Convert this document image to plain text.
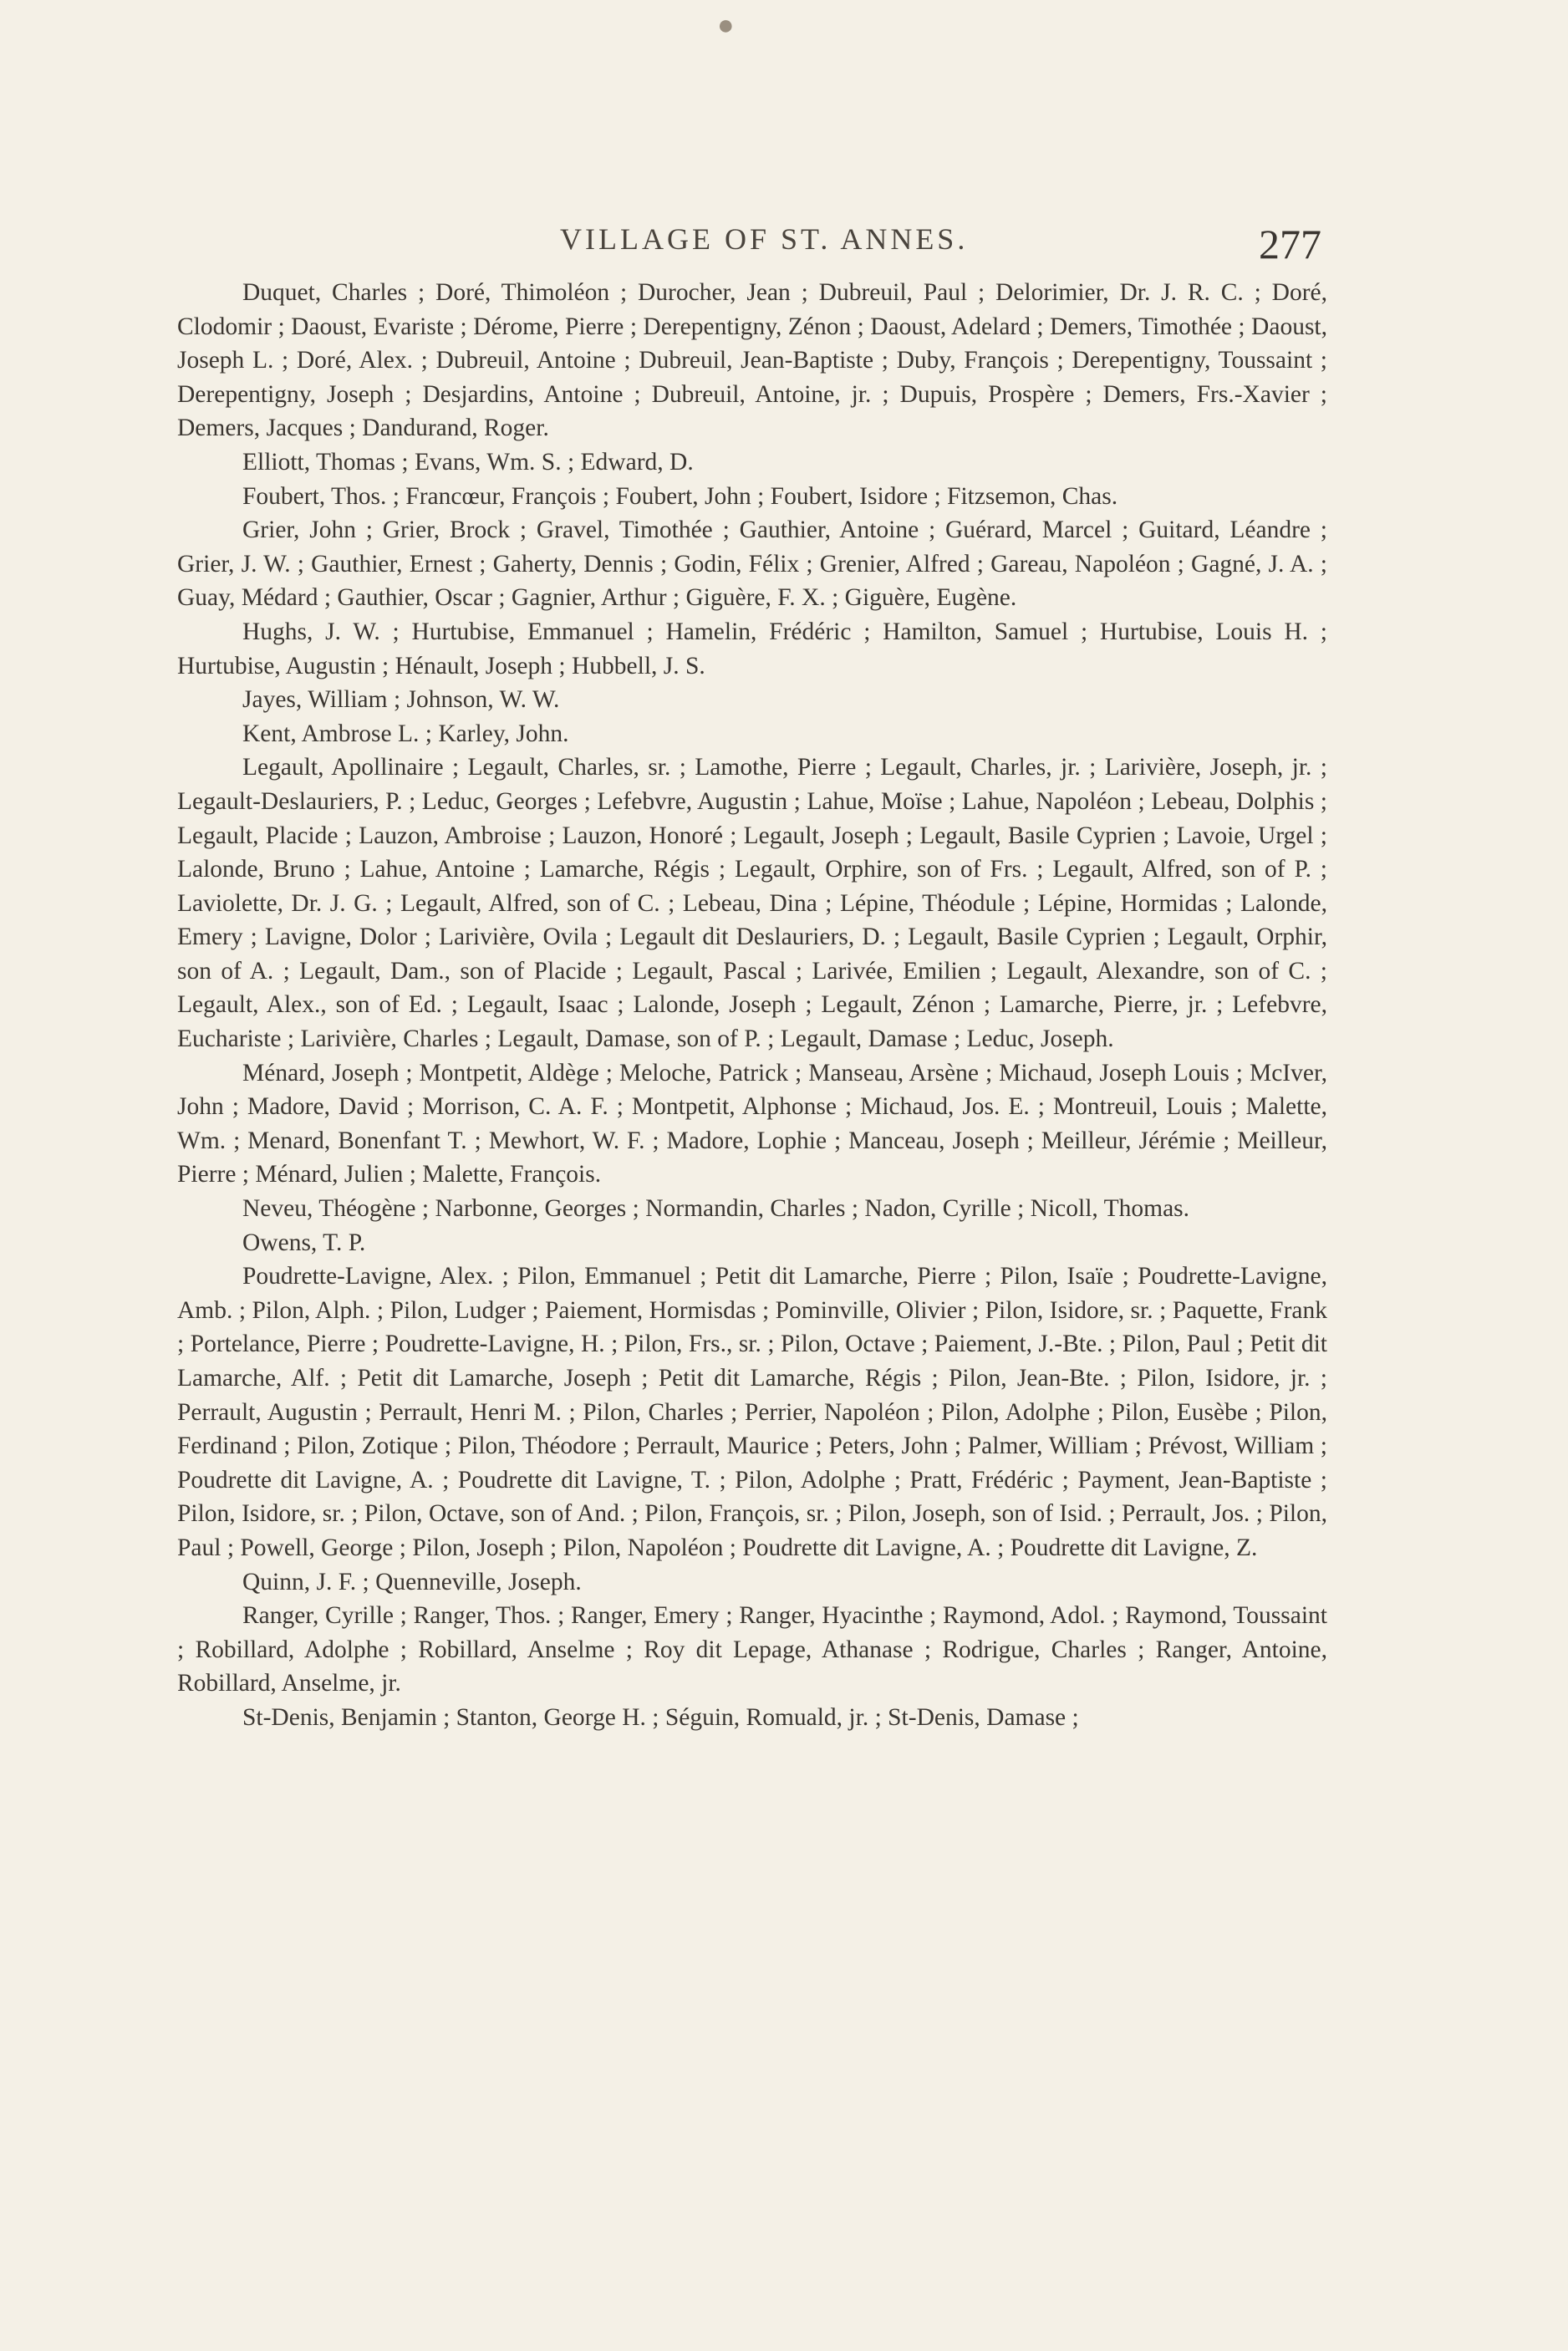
●
VILLAGE OF ST. ANNES.	277

Duquet, Charles ; Doré, Thimoléon ; Durocher, Jean ; Dubreuil, Paul ; Delorimier, Dr. J. R. C. ; Doré, Clodomir ; Daoust, Evariste ; Dérome, Pierre ; Derepentigny, Zénon ; Daoust, Adelard ; Demers, Timothée ; Daoust, Joseph L. ; Doré, Alex. ; Dubreuil, Antoine ; Dubreuil, Jean-Baptiste ; Duby, François ; Derepentigny, Toussaint ; Derepentigny, Joseph ; Desjardins, Antoine ; Dubreuil, Antoine, jr. ; Dupuis, Prospère ; Demers, Frs.-Xavier ; Demers, Jacques ; Dandurand, Roger.

Elliott, Thomas ; Evans, Wm. S. ; Edward, D.

Foubert, Thos. ; Francœur, François ; Foubert, John ; Foubert, Isidore ; Fitzsemon, Chas.

Grier, John ; Grier, Brock ; Gravel, Timothée ; Gauthier, Antoine ; Guérard, Marcel ; Guitard, Léandre ; Grier, J. W. ; Gauthier, Ernest ; Gaherty, Dennis ; Godin, Félix ; Grenier, Alfred ; Gareau, Napoléon ; Gagné, J. A. ; Guay, Médard ; Gauthier, Oscar ; Gagnier, Arthur ; Giguère, F. X. ; Giguère, Eugène.

Hughs, J. W. ; Hurtubise, Emmanuel ; Hamelin, Frédéric ; Hamilton, Samuel ; Hurtubise, Louis H. ; Hurtubise, Augustin ; Hénault, Joseph ; Hubbell, J. S.

Jayes, William ; Johnson, W. W.

Kent, Ambrose L. ; Karley, John.

Legault, Apollinaire ; Legault, Charles, sr. ; Lamothe, Pierre ; Legault, Charles, jr. ; Larivière, Joseph, jr. ; Legault-Deslauriers, P. ; Leduc, Georges ; Lefebvre, Augustin ; Lahue, Moïse ; Lahue, Napoléon ; Lebeau, Dolphis ; Legault, Placide ; Lauzon, Ambroise ; Lauzon, Honoré ; Legault, Joseph ; Legault, Basile Cyprien ; Lavoie, Urgel ; Lalonde, Bruno ; Lahue, Antoine ; Lamarche, Régis ; Legault, Orphire, son of Frs. ; Legault, Alfred, son of P. ; Laviolette, Dr. J. G. ; Legault, Alfred, son of C. ; Lebeau, Dina ; Lépine, Théodule ; Lépine, Hormidas ; Lalonde, Emery ; Lavigne, Dolor ; Larivière, Ovila ; Legault dit Deslauriers, D. ; Legault, Basile Cyprien ; Legault, Orphir, son of A. ; Legault, Dam., son of Placide ; Legault, Pascal ; Larivée, Emilien ; Legault, Alexandre, son of C. ; Legault, Alex., son of Ed. ; Legault, Isaac ; Lalonde, Joseph ; Legault, Zénon ; Lamarche, Pierre, jr. ; Lefebvre, Eucharistе ; Larivière, Charles ; Legault, Damase, son of P. ; Legault, Damase ; Leduc, Joseph.

Ménard, Joseph ; Montpetit, Aldège ; Meloche, Patrick ; Manseau, Arsène ; Michaud, Joseph Louis ; McIver, John ; Madore, David ; Morrison, C. A. F. ; Montpetit, Alphonse ; Michaud, Jos. E. ; Montreuil, Louis ; Malette, Wm. ; Menard, Bonenfant T. ; Mewhort, W. F. ; Madore, Lophie ; Manceau, Joseph ; Meilleur, Jérémie ; Meilleur, Pierre ; Ménard, Julien ; Malette, François.

Neveu, Théogène ; Narbonne, Georges ; Normandin, Charles ; Nadon, Cyrille ; Nicoll, Thomas.

Owens, T. P.

Poudrette-Lavigne, Alex. ; Pilon, Emmanuel ; Petit dit Lamarche, Pierre ; Pilon, Isaïe ; Poudrette-Lavigne, Amb. ; Pilon, Alph. ; Pilon, Ludger ; Paiement, Hormisdas ; Pominville, Olivier ; Pilon, Isidore, sr. ; Paquette, Frank ; Portelance, Pierre ; Poudrette-Lavigne, H. ; Pilon, Frs., sr. ; Pilon, Octave ; Paiement, J.-Bte. ; Pilon, Paul ; Petit dit Lamarche, Alf. ; Petit dit Lamarche, Joseph ; Petit dit Lamarche, Régis ; Pilon, Jean-Bte. ; Pilon, Isidore, jr. ; Perrault, Augustin ; Perrault, Henri M. ; Pilon, Charles ; Perrier, Napoléon ; Pilon, Adolphe ; Pilon, Eusèbe ; Pilon, Ferdinand ; Pilon, Zotique ; Pilon, Théodore ; Perrault, Maurice ; Peters, John ; Palmer, William ; Prévost, William ; Poudrette dit Lavigne, A. ; Poudrette dit Lavigne, T. ; Pilon, Adolphe ; Pratt, Frédéric ; Payment, Jean-Baptiste ; Pilon, Isidore, sr. ; Pilon, Octave, son of And. ; Pilon, François, sr. ; Pilon, Joseph, son of Isid. ; Perrault, Jos. ; Pilon, Paul ; Powell, George ; Pilon, Joseph ; Pilon, Napoléon ; Poudrette dit Lavigne, A. ; Poudrette dit Lavigne, Z.

Quinn, J. F. ; Quenneville, Joseph.

Ranger, Cyrille ; Ranger, Thos. ; Ranger, Emery ; Ranger, Hyacinthe ; Raymond, Adol. ; Raymond, Toussaint ; Robillard, Adolphe ; Robillard, Anselme ; Roy dit Lepage, Athanase ; Rodrigue, Charles ; Ranger, Antoine, Robillard, Anselme, jr.

St-Denis, Benjamin ; Stanton, George H. ; Séguin, Romuald, jr. ; St-Denis, Damase ;
